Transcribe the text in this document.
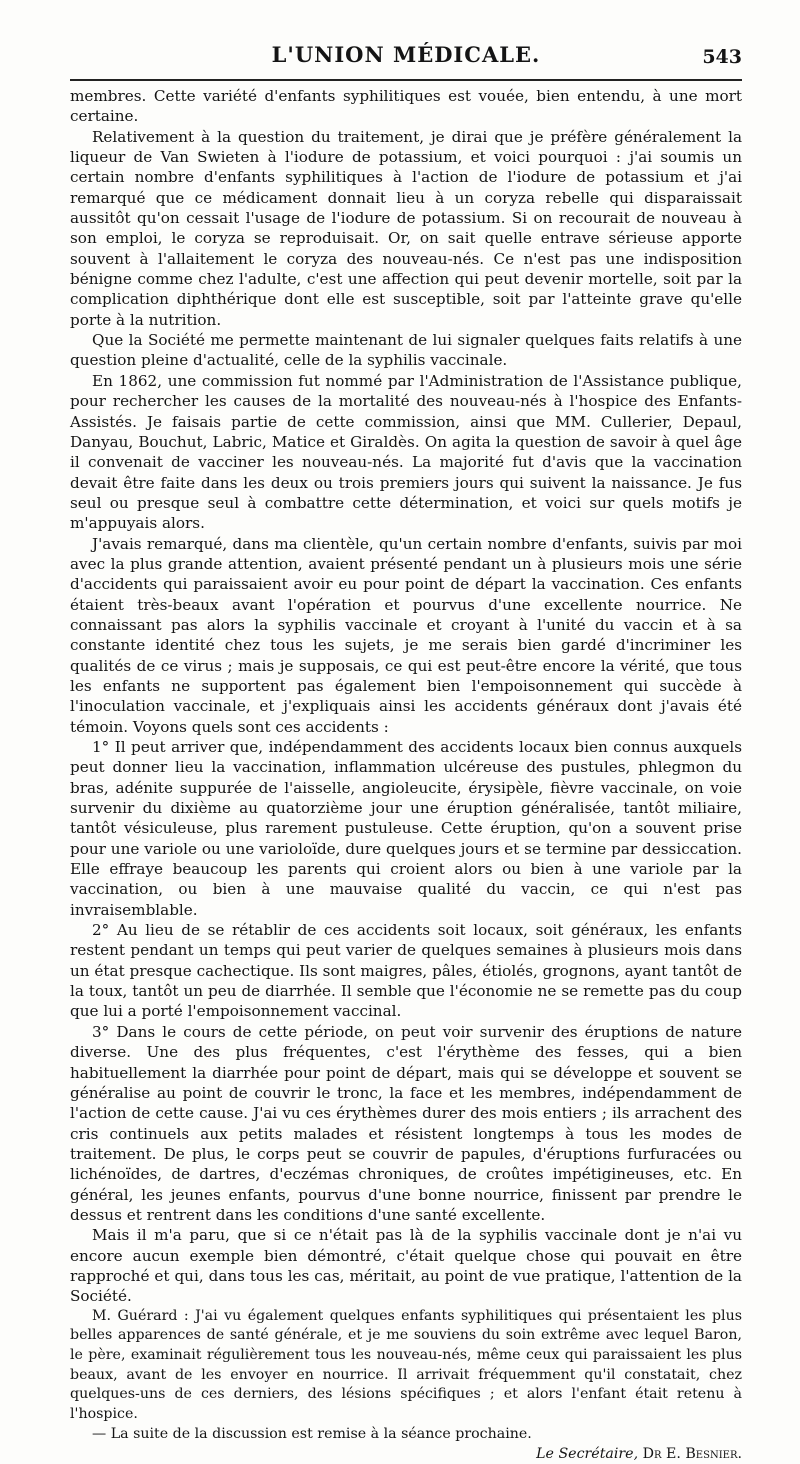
L'UNION MÉDICALE.	543

membres. Cette variété d'enfants syphilitiques est vouée, bien entendu, à une mort certaine.

Relativement à la question du traitement, je dirai que je préfère généralement la liqueur de Van Swieten à l'iodure de potassium, et voici pourquoi : j'ai soumis un certain nombre d'enfants syphilitiques à l'action de l'iodure de potassium et j'ai remarqué que ce médicament donnait lieu à un coryza rebelle qui disparaissait aussitôt qu'on cessait l'usage de l'iodure de potassium. Si on recourait de nouveau à son emploi, le coryza se reproduisait. Or, on sait quelle entrave sérieuse apporte souvent à l'allaitement le coryza des nouveau-nés. Ce n'est pas une indisposition bénigne comme chez l'adulte, c'est une affection qui peut devenir mortelle, soit par la complication diphthérique dont elle est susceptible, soit par l'atteinte grave qu'elle porte à la nutrition.

Que la Société me permette maintenant de lui signaler quelques faits relatifs à une question pleine d'actualité, celle de la syphilis vaccinale.

En 1862, une commission fut nommé par l'Administration de l'Assistance publique, pour rechercher les causes de la mortalité des nouveau-nés à l'hospice des Enfants-Assistés. Je faisais partie de cette commission, ainsi que MM. Cullerier, Depaul, Danyau, Bouchut, Labric, Matice et Giraldès. On agita la question de savoir à quel âge il convenait de vacciner les nouveau-nés. La majorité fut d'avis que la vaccination devait être faite dans les deux ou trois premiers jours qui suivent la naissance. Je fus seul ou presque seul à combattre cette détermination, et voici sur quels motifs je m'appuyais alors.

J'avais remarqué, dans ma clientèle, qu'un certain nombre d'enfants, suivis par moi avec la plus grande attention, avaient présenté pendant un à plusieurs mois une série d'accidents qui paraissaient avoir eu pour point de départ la vaccination. Ces enfants étaient très-beaux avant l'opération et pourvus d'une excellente nourrice. Ne connaissant pas alors la syphilis vaccinale et croyant à l'unité du vaccin et à sa constante identité chez tous les sujets, je me serais bien gardé d'incriminer les qualités de ce virus ; mais je supposais, ce qui est peut-être encore la vérité, que tous les enfants ne supportent pas également bien l'empoisonnement qui succède à l'inoculation vaccinale, et j'expliquais ainsi les accidents généraux dont j'avais été témoin. Voyons quels sont ces accidents :

1° Il peut arriver que, indépendamment des accidents locaux bien connus auxquels peut donner lieu la vaccination, inflammation ulcéreuse des pustules, phlegmon du bras, adénite suppurée de l'aisselle, angioleucite, érysipèle, fièvre vaccinale, on voie survenir du dixième au quatorzième jour une éruption généralisée, tantôt miliaire, tantôt vésiculeuse, plus rarement pustuleuse. Cette éruption, qu'on a souvent prise pour une variole ou une varioloïde, dure quelques jours et se termine par dessiccation. Elle effraye beaucoup les parents qui croient alors ou bien à une variole par la vaccination, ou bien à une mauvaise qualité du vaccin, ce qui n'est pas invraisemblable.

2° Au lieu de se rétablir de ces accidents soit locaux, soit généraux, les enfants restent pendant un temps qui peut varier de quelques semaines à plusieurs mois dans un état presque cachectique. Ils sont maigres, pâles, étiolés, grognons, ayant tantôt de la toux, tantôt un peu de diarrhée. Il semble que l'économie ne se remette pas du coup que lui a porté l'empoisonnement vaccinal.

3° Dans le cours de cette période, on peut voir survenir des éruptions de nature diverse. Une des plus fréquentes, c'est l'érythème des fesses, qui a bien habituellement la diarrhée pour point de départ, mais qui se développe et souvent se généralise au point de couvrir le tronc, la face et les membres, indépendamment de l'action de cette cause. J'ai vu ces érythèmes durer des mois entiers ; ils arrachent des cris continuels aux petits malades et résistent longtemps à tous les modes de traitement. De plus, le corps peut se couvrir de papules, d'éruptions furfuracées ou lichénoïdes, de dartres, d'eczémas chroniques, de croûtes impétigineuses, etc. En général, les jeunes enfants, pourvus d'une bonne nourrice, finissent par prendre le dessus et rentrent dans les conditions d'une santé excellente.

Mais il m'a paru, que si ce n'était pas là de la syphilis vaccinale dont je n'ai vu encore aucun exemple bien démontré, c'était quelque chose qui pouvait en être rapproché et qui, dans tous les cas, méritait, au point de vue pratique, l'attention de la Société.

M. Guérard : J'ai vu également quelques enfants syphilitiques qui présentaient les plus belles apparences de santé générale, et je me souviens du soin extrême avec lequel Baron, le père, examinait régulièrement tous les nouveau-nés, même ceux qui paraissaient les plus beaux, avant de les envoyer en nourrice. Il arrivait fréquemment qu'il constatait, chez quelques-uns de ces derniers, des lésions spécifiques ; et alors l'enfant était retenu à l'hospice.

— La suite de la discussion est remise à la séance prochaine.

Le Secrétaire, Dr E. Besnier.
